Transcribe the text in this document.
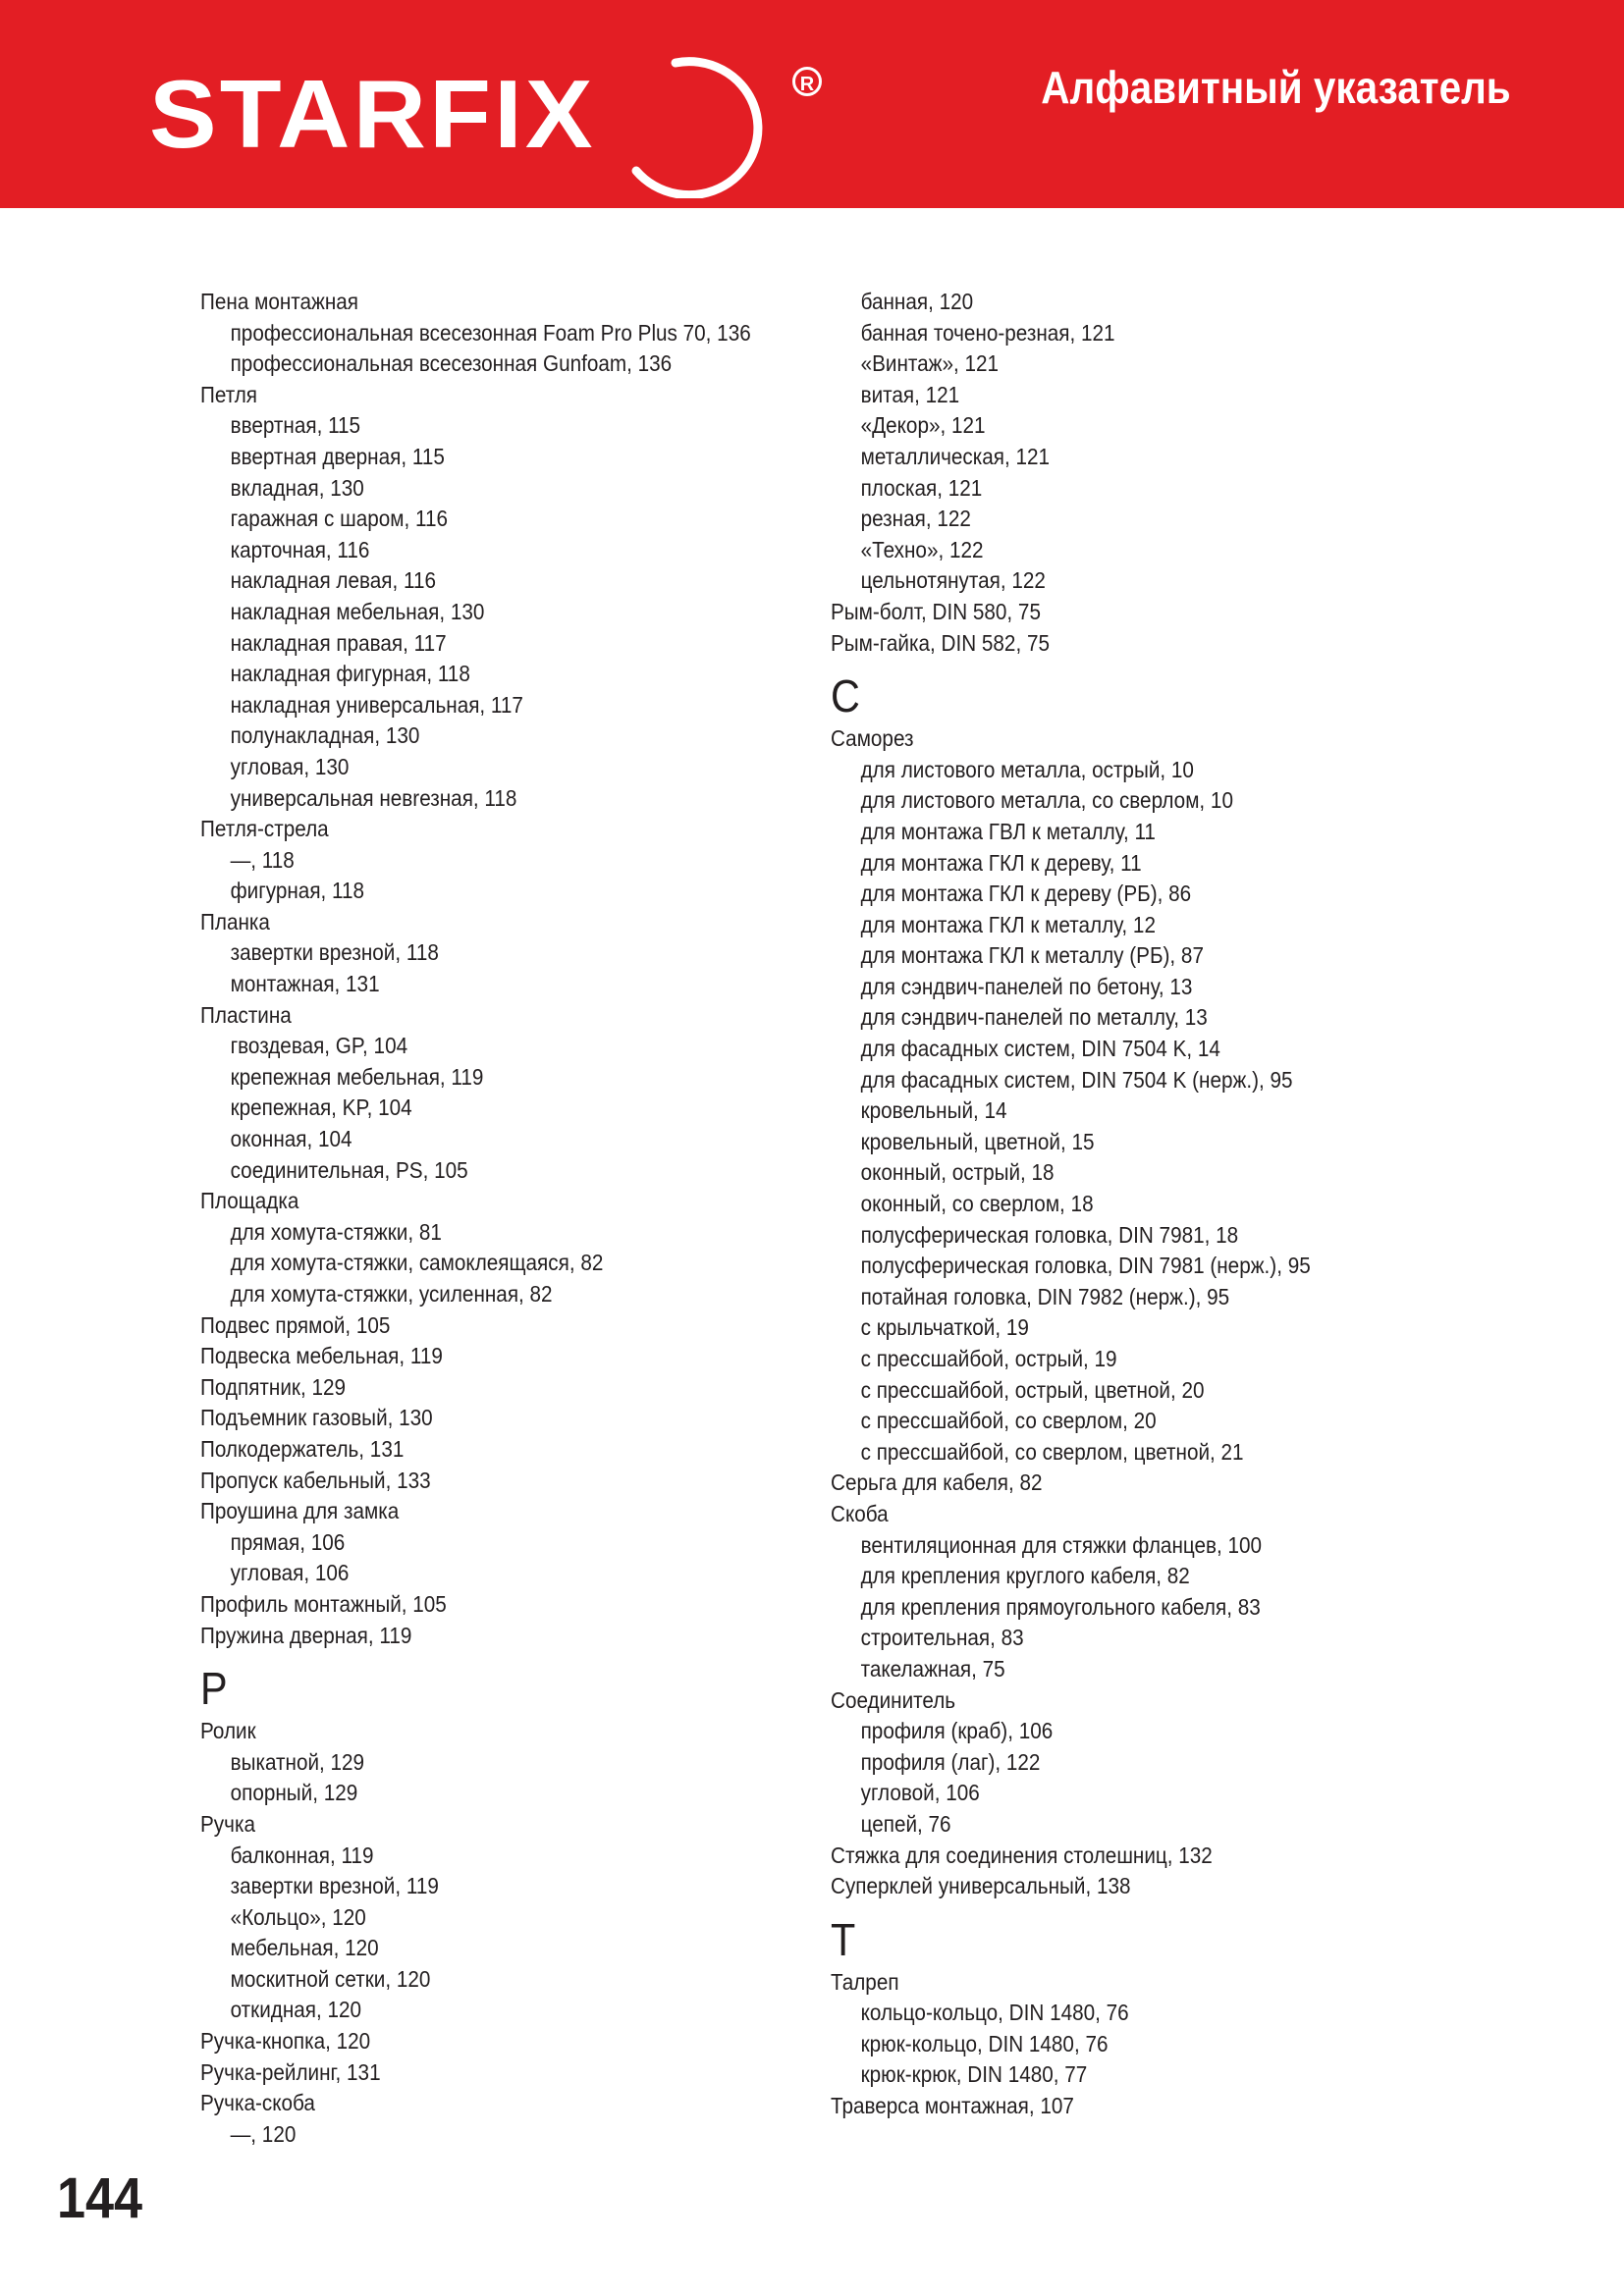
STARFIX	R	Алфавитный указатель
Пена монтажная
профессиональная всесезонная Foam Pro Plus 70, 136
профессиональная всесезонная Gunfoam, 136
Петля
ввертная, 115
ввертная дверная, 115
вкладная, 130
гаражная с шаром, 116
карточная, 116
накладная левая, 116
накладная мебельная, 130
накладная правая, 117
накладная фигурная, 118
накладная универсальная, 117
полунакладная, 130
угловая, 130
универсальная невrезная, 118
Петля-стрела
—, 118
фигурная, 118
Планка
завертки врезной, 118
монтажная, 131
Пластина
гвоздевая, GP, 104
крепежная мебельная, 119
крепежная, KP, 104
оконная, 104
соединительная, PS, 105
Площадка
для хомута-стяжки, 81
для хомута-стяжки, самоклеящаяся, 82
для хомута-стяжки, усиленная, 82
Подвес прямой, 105
Подвеска мебельная, 119
Подпятник, 129
Подъемник газовый, 130
Полкодержатель, 131
Пропуск кабельный, 133
Проушина для замка
прямая, 106
угловая, 106
Профиль монтажный, 105
Пружина дверная, 119
Р
Ролик
выкатной, 129
опорный, 129
Ручка
балконная, 119
завертки врезной, 119
«Кольцо», 120
мебельная, 120
москитной сетки, 120
откидная, 120
Ручка-кнопка, 120
Ручка-рейлинг, 131
Ручка-скоба
—, 120
банная, 120
банная точено-резная, 121
«Винтаж», 121
витая, 121
«Декор», 121
металлическая, 121
плоская, 121
резная, 122
«Техно», 122
цельнотянутая, 122
Рым-болт, DIN 580, 75
Рым-гайка, DIN 582, 75
С
Саморез
для листового металла, острый, 10
для листового металла, со сверлом, 10
для монтажа ГВЛ к металлу, 11
для монтажа ГКЛ к дереву, 11
для монтажа ГКЛ к дереву (РБ), 86
для монтажа ГКЛ к металлу, 12
для монтажа ГКЛ к металлу (РБ), 87
для сэндвич-панелей по бетону, 13
для сэндвич-панелей по металлу, 13
для фасадных систем, DIN 7504 K, 14
для фасадных систем, DIN 7504 K (нерж.), 95
кровельный, 14
кровельный, цветной, 15
оконный, острый, 18
оконный, со сверлом, 18
полусферическая головка, DIN 7981, 18
полусферическая головка, DIN 7981 (нерж.), 95
потайная головка, DIN 7982 (нерж.), 95
с крыльчаткой, 19
с прессшайбой, острый, 19
с прессшайбой, острый, цветной, 20
с прессшайбой, со сверлом, 20
с прессшайбой, со сверлом, цветной, 21
Серьга для кабеля, 82
Скоба
вентиляционная для стяжки фланцев, 100
для крепления круглого кабеля, 82
для крепления прямоугольного кабеля, 83
строительная, 83
такелажная, 75
Соединитель
профиля (краб), 106
профиля (лаг), 122
угловой, 106
цепей, 76
Стяжка для соединения столешниц, 132
Суперклей универсальный, 138
Т
Талреп
кольцо-кольцо, DIN 1480, 76
крюк-кольцо, DIN 1480, 76
крюк-крюк, DIN 1480, 77
Траверса монтажная, 107
144
